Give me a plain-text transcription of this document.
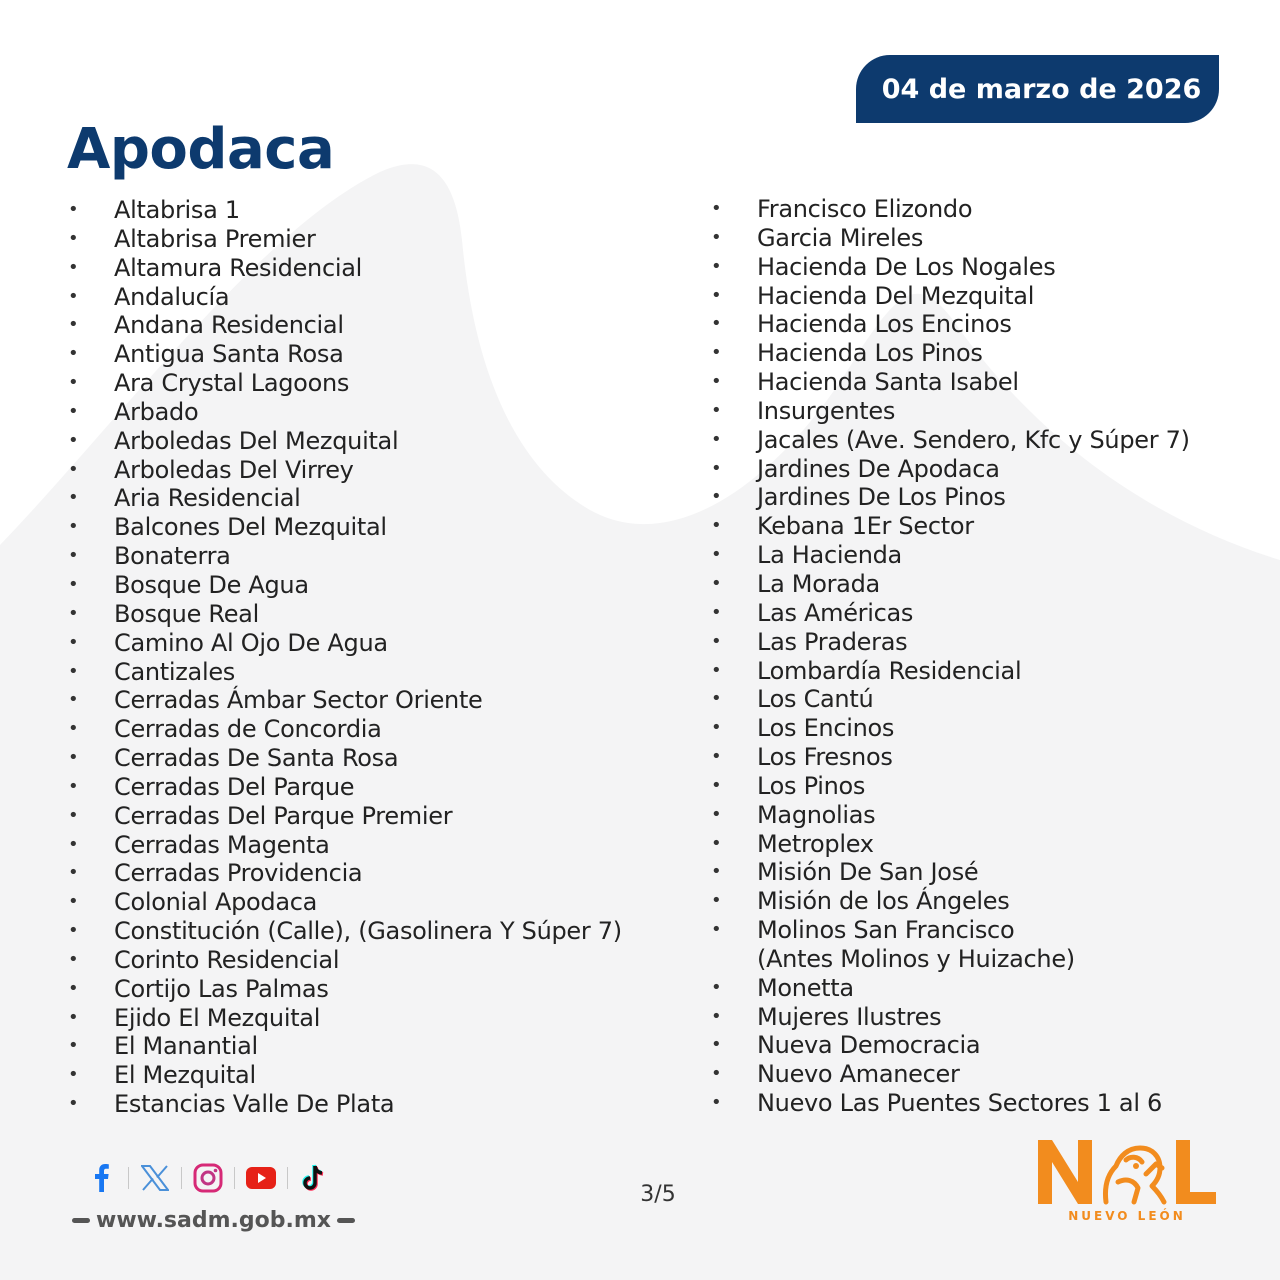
04 de marzo de 2026
Apodaca
• Altabrisa 1
• Altabrisa Premier
• Altamura Residencial
• Andalucía
• Andana Residencial
• Antigua Santa Rosa
• Ara Crystal Lagoons
• Arbado
• Arboledas Del Mezquital
• Arboledas Del Virrey
• Aria Residencial
• Balcones Del Mezquital
• Bonaterra
• Bosque De Agua
• Bosque Real
• Camino Al Ojo De Agua
• Cantizales
• Cerradas Ámbar Sector Oriente
• Cerradas de Concordia
• Cerradas De Santa Rosa
• Cerradas Del Parque
• Cerradas Del Parque Premier
• Cerradas Magenta
• Cerradas Providencia
• Colonial Apodaca
• Constitución (Calle), (Gasolinera Y Súper 7)
• Corinto Residencial
• Cortijo Las Palmas
• Ejido El Mezquital
• El Manantial
• El Mezquital
• Estancias Valle De Plata
• Francisco Elizondo
• Garcia Mireles
• Hacienda De Los Nogales
• Hacienda Del Mezquital
• Hacienda Los Encinos
• Hacienda Los Pinos
• Hacienda Santa Isabel
• Insurgentes
• Jacales (Ave. Sendero, Kfc y Súper 7)
• Jardines De Apodaca
• Jardines De Los Pinos
• Kebana 1Er Sector
• La Hacienda
• La Morada
• Las Américas
• Las Praderas
• Lombardía Residencial
• Los Cantú
• Los Encinos
• Los Fresnos
• Los Pinos
• Magnolias
• Metroplex
• Misión De San José
• Misión de los Ángeles
• Molinos San Francisco
(Antes Molinos y Huizache)
• Monetta
• Mujeres Ilustres
• Nueva Democracia
• Nuevo Amanecer
• Nuevo Las Puentes Sectores 1 al 6
www.sadm.gob.mx
3/5
NUEVO LEÓN
